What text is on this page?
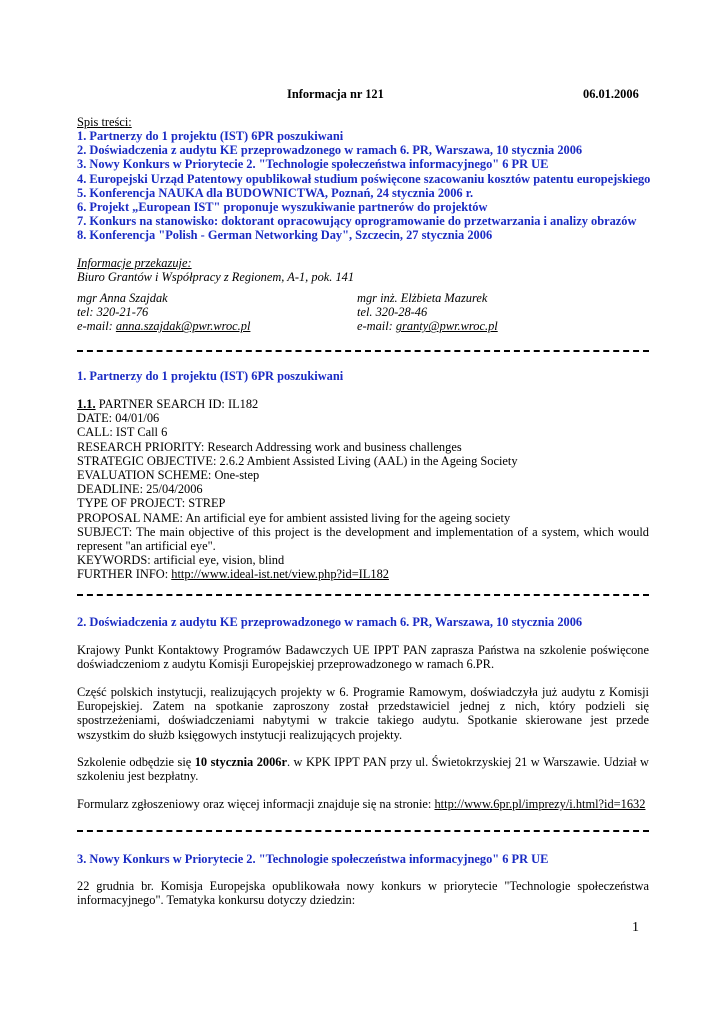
Informacja nr 121	06.01.2006
Spis treści:
1. Partnerzy do 1 projektu (IST) 6PR poszukiwani
2. Doświadczenia z audytu KE przeprowadzonego w ramach 6. PR, Warszawa, 10 stycznia 2006
3. Nowy Konkurs w Priorytecie 2. "Technologie społeczeństwa informacyjnego" 6 PR UE
4. Europejski Urząd Patentowy opublikował studium poświęcone szacowaniu kosztów patentu europejskiego
5. Konferencja NAUKA dla BUDOWNICTWA, Poznań, 24 stycznia 2006 r.
6. Projekt „European IST" proponuje wyszukiwanie partnerów do projektów
7. Konkurs na stanowisko: doktorant opracowujący oprogramowanie do przetwarzania i analizy obrazów
8. Konferencja "Polish - German Networking Day", Szczecin, 27 stycznia 2006
Informacje przekazuje:
Biuro Grantów i Współpracy z Regionem, A-1, pok. 141
mgr Anna Szajdak
tel: 320-21-76
e-mail: anna.szajdak@pwr.wroc.pl
mgr inż. Elżbieta Mazurek
tel. 320-28-46
e-mail: granty@pwr.wroc.pl
1. Partnerzy do 1 projektu (IST) 6PR poszukiwani
1.1. PARTNER SEARCH ID: IL182
DATE: 04/01/06
CALL: IST Call 6
RESEARCH PRIORITY: Research Addressing work and business challenges
STRATEGIC OBJECTIVE: 2.6.2 Ambient Assisted Living (AAL) in the Ageing Society
EVALUATION SCHEME: One-step
DEADLINE: 25/04/2006
TYPE OF PROJECT: STREP
PROPOSAL NAME: An artificial eye for ambient assisted living for the ageing society
SUBJECT: The main objective of this project is the development and implementation of a system, which would represent "an artificial eye".
KEYWORDS: artificial eye, vision, blind
FURTHER INFO: http://www.ideal-ist.net/view.php?id=IL182
2. Doświadczenia z audytu KE przeprowadzonego w ramach 6. PR, Warszawa, 10 stycznia 2006
Krajowy Punkt Kontaktowy Programów Badawczych UE IPPT PAN zaprasza Państwa na szkolenie poświęcone doświadczeniom z audytu Komisji Europejskiej przeprowadzonego w ramach 6.PR.
Część polskich instytucji, realizujących projekty w 6. Programie Ramowym, doświadczyła już audytu z Komisji Europejskiej. Zatem na spotkanie zaproszony został przedstawiciel jednej z nich, który podzieli się spostrzeżeniami, doświadczeniami nabytymi w trakcie takiego audytu. Spotkanie skierowane jest przede wszystkim do służb księgowych instytucji realizujących projekty.
Szkolenie odbędzie się 10 stycznia 2006r. w KPK IPPT PAN przy ul. Świetokrzyskiej 21 w Warszawie. Udział w szkoleniu jest bezpłatny.
Formularz zgłoszeniowy oraz więcej informacji znajduje się na stronie: http://www.6pr.pl/imprezy/i.html?id=1632
3. Nowy Konkurs w Priorytecie 2. "Technologie społeczeństwa informacyjnego" 6 PR UE
22 grudnia br. Komisja Europejska opublikowała nowy konkurs w priorytecie "Technologie społeczeństwa informacyjnego". Tematyka konkursu dotyczy dziedzin:
1
